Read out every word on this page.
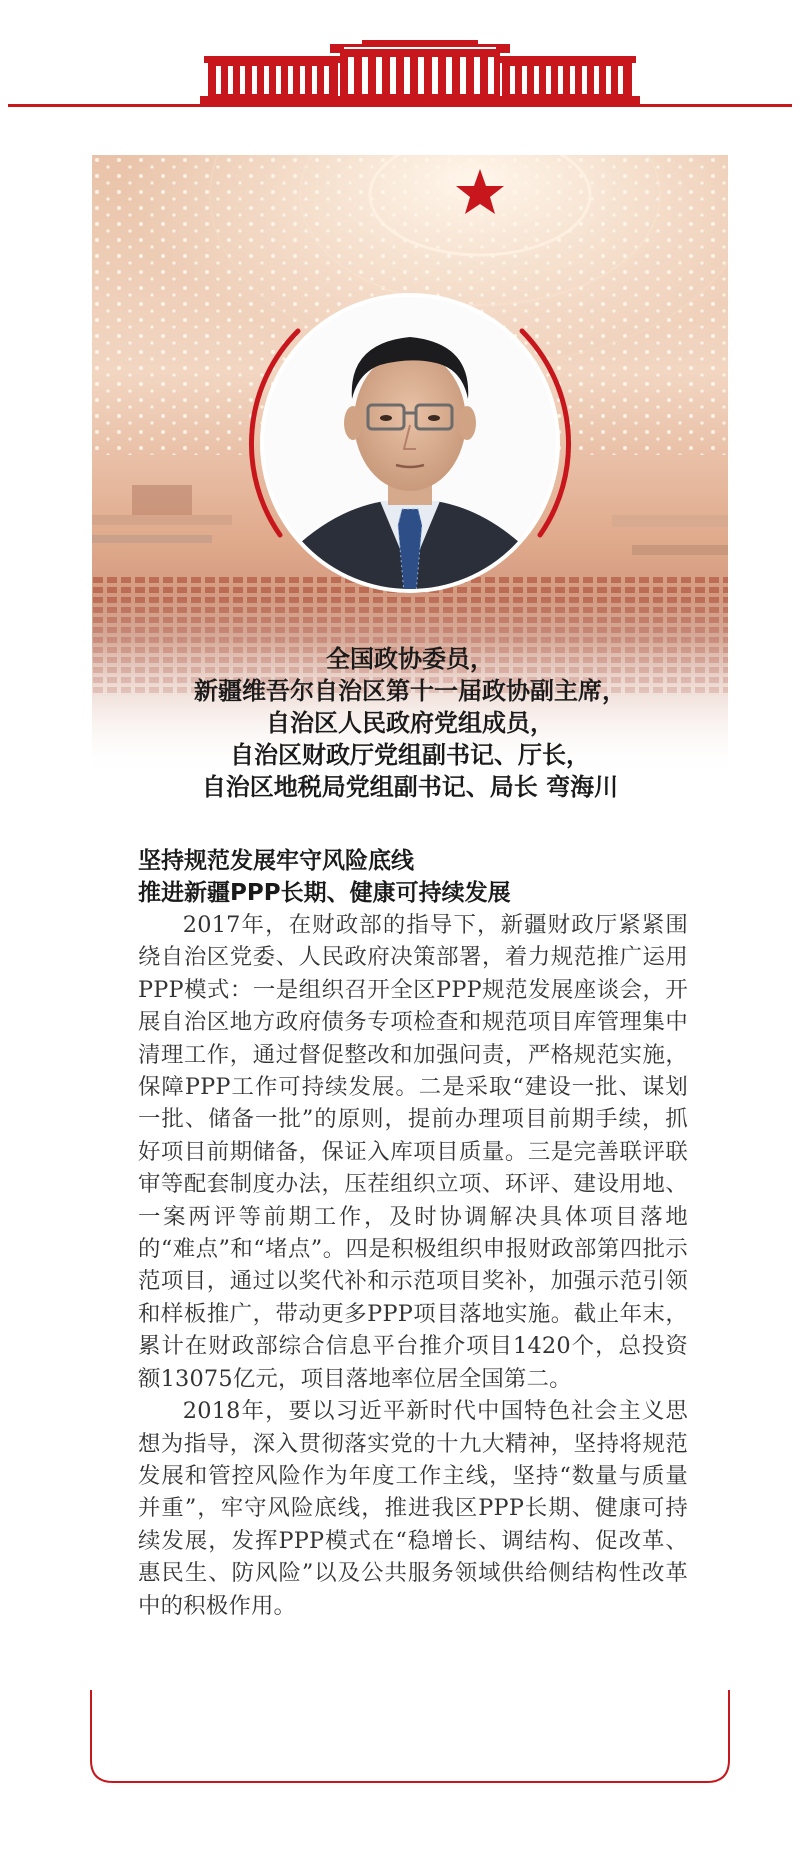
全国政协委员，
新疆维吾尔自治区第十一届政协副主席，
自治区人民政府党组成员，
自治区财政厅党组副书记、厅长，
自治区地税局党组副书记、局长 弯海川
坚持规范发展牢守风险底线
推进新疆PPP长期、健康可持续发展

2017年，在财政部的指导下，新疆财政厅紧紧围绕自治区党委、人民政府决策部署，着力规范推广运用PPP模式：一是组织召开全区PPP规范发展座谈会，开展自治区地方政府债务专项检查和规范项目库管理集中清理工作，通过督促整改和加强问责，严格规范实施，保障PPP工作可持续发展。二是采取“建设一批、谋划一批、储备一批”的原则，提前办理项目前期手续，抓好项目前期储备，保证入库项目质量。三是完善联评联审等配套制度办法，压茬组织立项、环评、建设用地、一案两评等前期工作，及时协调解决具体项目落地的“难点”和“堵点”。四是积极组织申报财政部第四批示范项目，通过以奖代补和示范项目奖补，加强示范引领和样板推广，带动更多PPP项目落地实施。截止年末，累计在财政部综合信息平台推介项目1420个，总投资额13075亿元，项目落地率位居全国第二。

2018年，要以习近平新时代中国特色社会主义思想为指导，深入贯彻落实党的十九大精神，坚持将规范发展和管控风险作为年度工作主线，坚持“数量与质量并重”，牢守风险底线，推进我区PPP长期、健康可持续发展，发挥PPP模式在“稳增长、调结构、促改革、惠民生、防风险”以及公共服务领域供给侧结构性改革中的积极作用。
